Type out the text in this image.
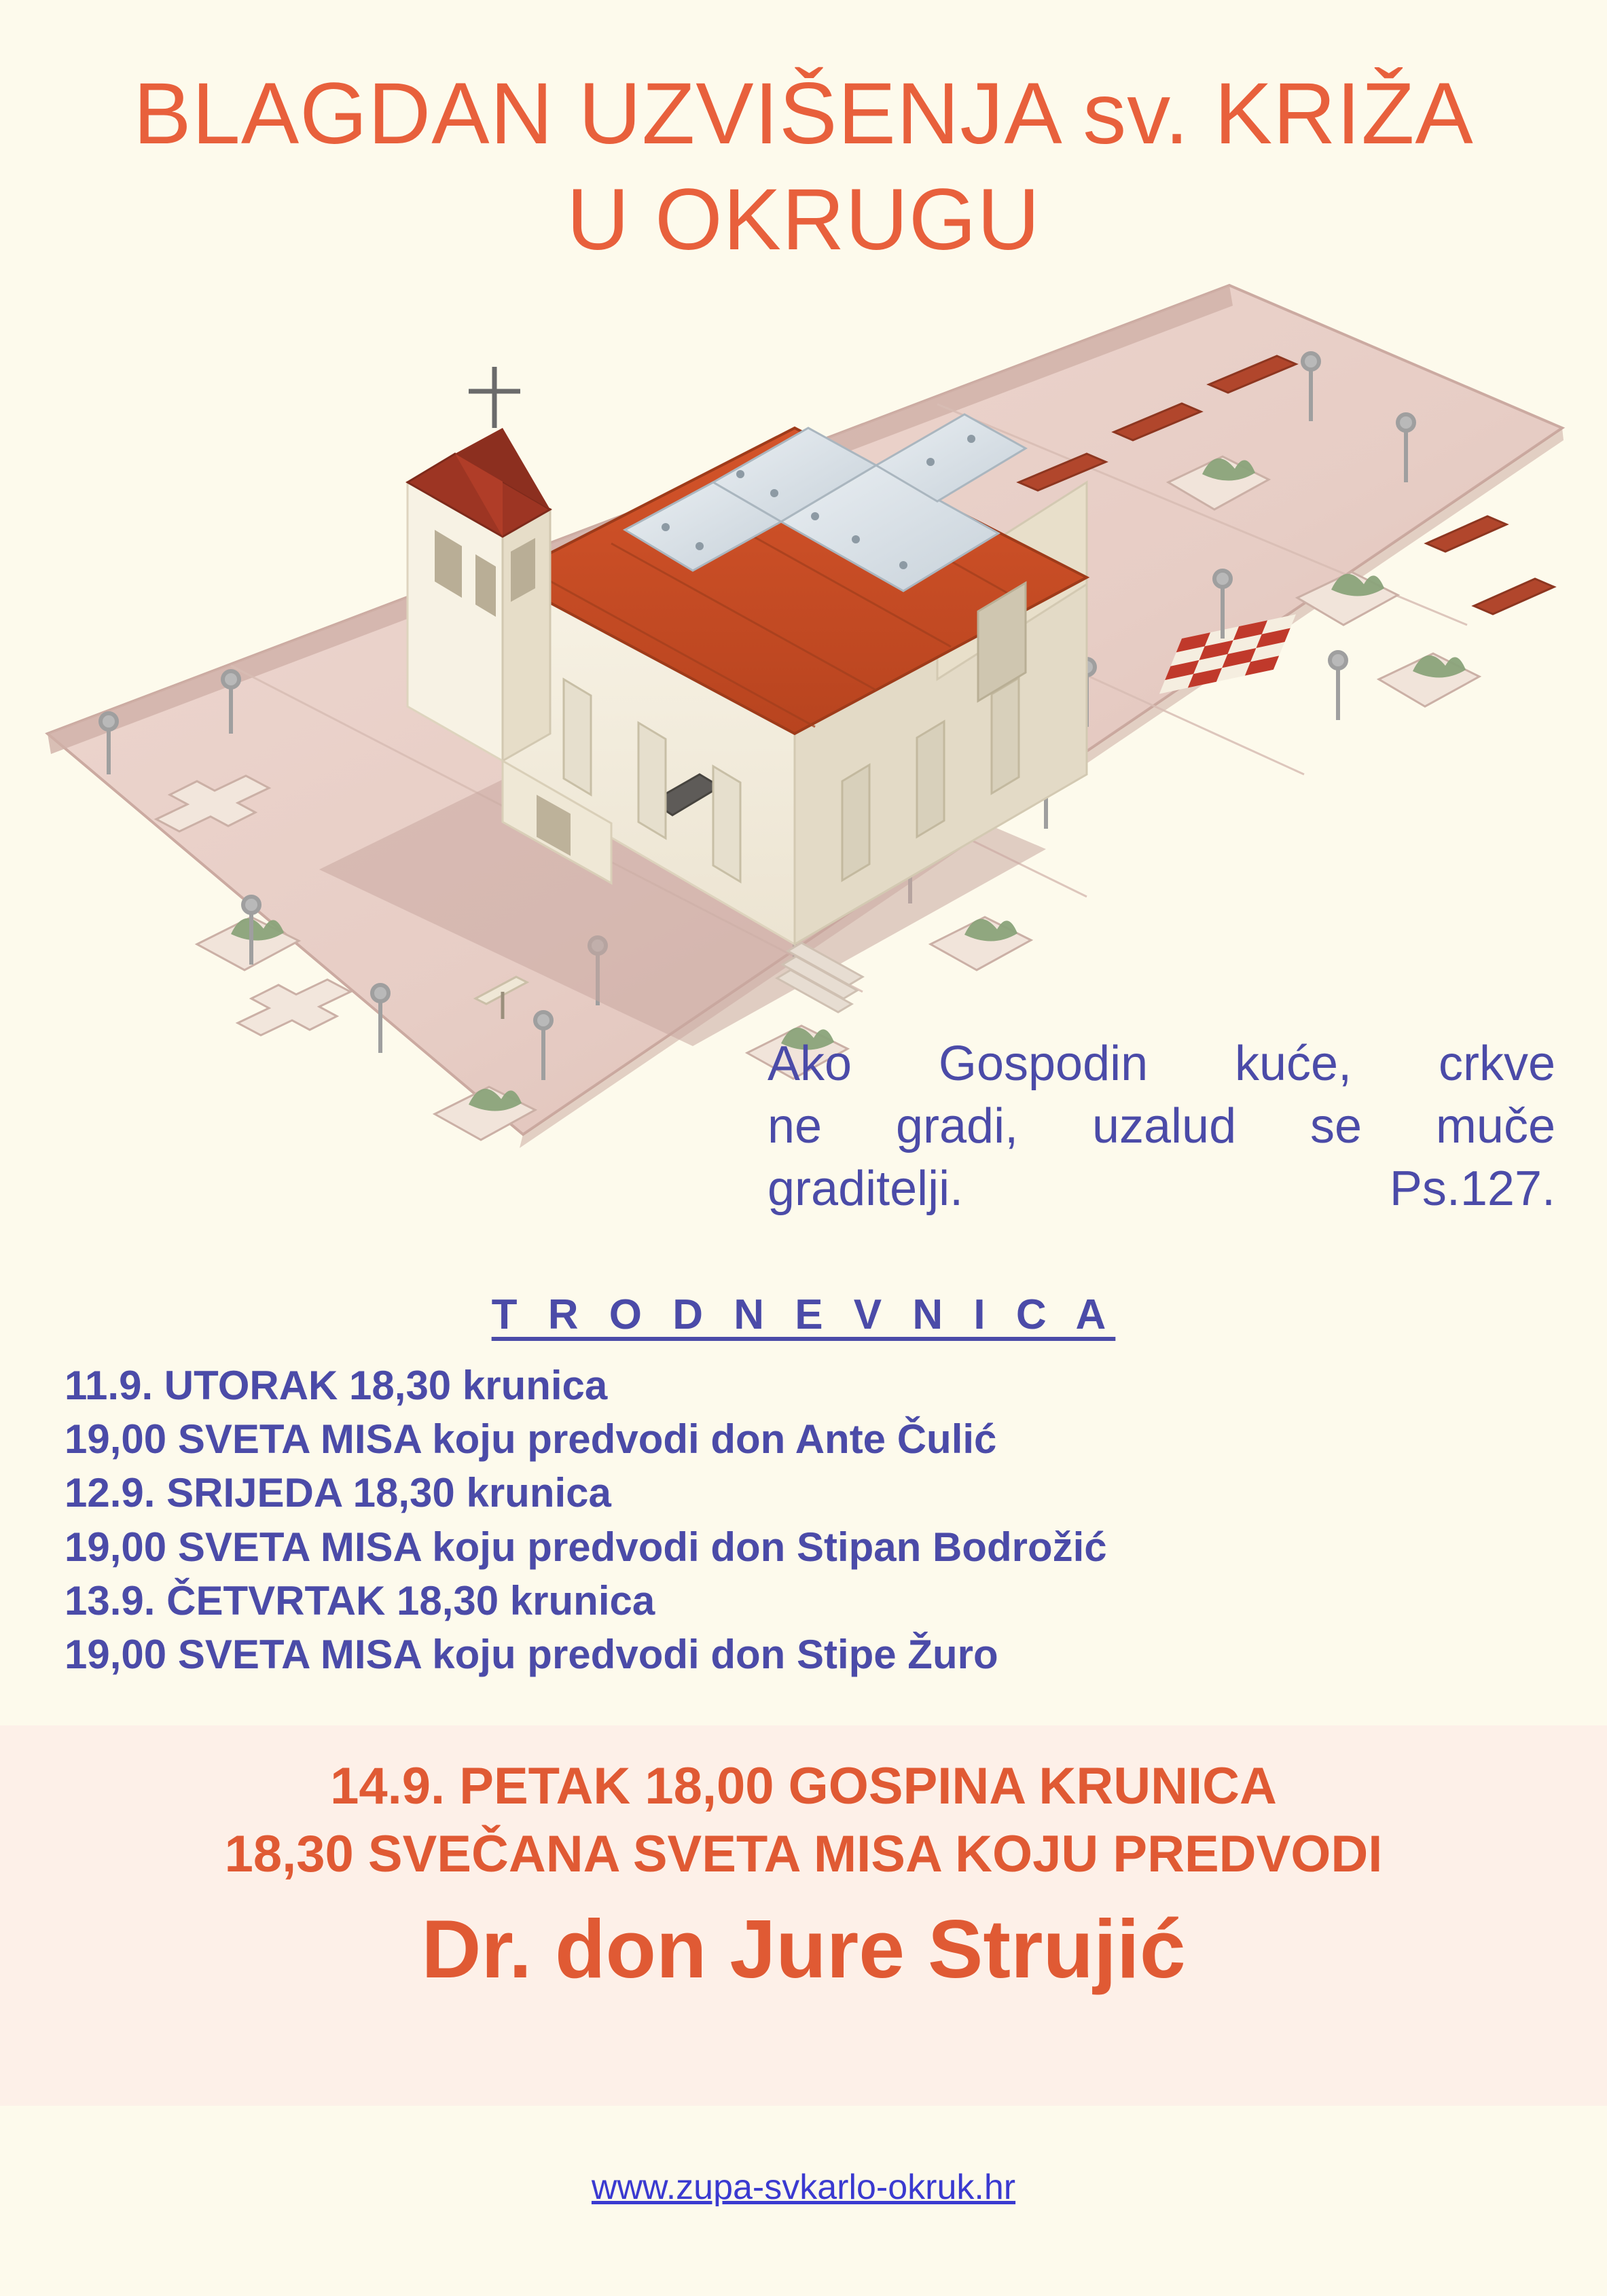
BLAGDAN UZVIŠENJA sv. KRIŽA
U OKRUGU
Ako Gospodin kuće, crkve
ne gradi, uzalud se muče
graditelji.	Ps.127.
T R O D N E V N I C A
11.9. UTORAK 18,30 krunica
19,00 SVETA MISA koju predvodi don Ante Čulić
12.9. SRIJEDA 18,30 krunica
19,00 SVETA MISA koju predvodi don Stipan Bodrožić
13.9. ČETVRTAK 18,30 krunica
19,00 SVETA MISA koju predvodi don Stipe Žuro
14.9. PETAK 18,00 GOSPINA KRUNICA
18,30 SVEČANA SVETA MISA KOJU PREDVODI
Dr. don Jure Strujić
www.zupa-svkarlo-okruk.hr
